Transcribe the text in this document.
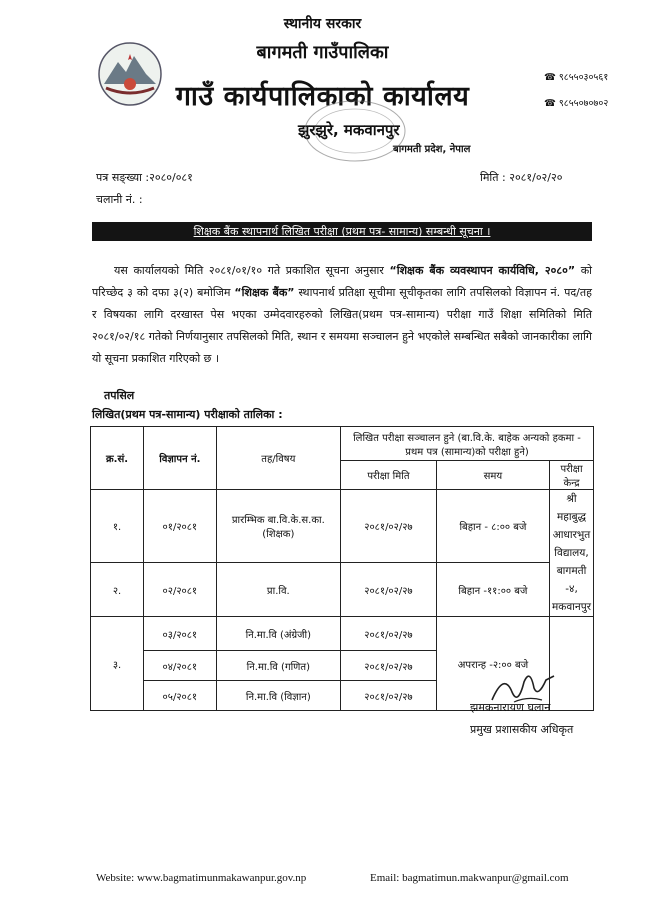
स्थानीय सरकार
बागमती गाउँपालिका
गाउँ कार्यपालिकाको कार्यालय
झुरझुरे, मकवानपुर
बागमती प्रदेश, नेपाल
☎ ९८५५०३०५६१
☎ ९८५५०७०७०२
पत्र सङ्ख्या :२०८०/०८१
चलानी नं. :
मिति : २०८१/०२/२०
शिक्षक बैंक स्थापनार्थ लिखित परीक्षा (प्रथम पत्र- सामान्य) सम्बन्धी सूचना ।
यस कार्यालयको मिति २०८१/०१/१० गते प्रकाशित सूचना अनुसार “शिक्षक बैंक व्यवस्थापन कार्यविधि, २०८०” को परिच्छेद ३ को दफा ३(२) बमोजिम “शिक्षक बैंक” स्थापनार्थ प्रतिक्षा सूचीमा सूचीकृतका लागि तपसिलको विज्ञापन नं. पद/तह र विषयका लागि दरखास्त पेस भएका उम्मेदवारहरुको लिखित(प्रथम पत्र-सामान्य) परीक्षा गाउँ शिक्षा समितिको मिति २०८१/०२/१८ गतेको निर्णयानुसार तपसिलको मिति, स्थान र समयमा सञ्चालन हुने भएकोले सम्बन्धित सबैको जानकारीका लागि यो सूचना प्रकाशित गरिएको छ ।
तपसिल
लिखित(प्रथम पत्र-सामान्य) परीक्षाको तालिका :
क्र.सं.	विज्ञापन नं.	तह/विषय	लिखित परीक्षा सञ्चालन हुने (बा.वि.के. बाहेक अन्यको हकमा - प्रथम पत्र (सामान्य)को परीक्षा हुने)		
			परीक्षा मिति	समय	परीक्षा केन्द्र
१.	०१/२०८१	प्रारम्भिक बा.वि.के.स.का.(शिक्षक)	२०८१/०२/२७	बिहान - ८:०० बजे	श्री महाबुद्ध आधारभुत विद्यालय, बागमती -४, मकवानपुर
२.	०२/२०८१	प्रा.वि.	२०८१/०२/२७	बिहान -११:०० बजे	
३.	०३/२०८१	नि.मा.वि (अंग्रेजी)	२०८१/०२/२७	अपरान्ह -२:०० बजे	
	०४/२०८१	नि.मा.वि (गणित)	२०८१/०२/२७		
	०५/२०८१	नि.मा.वि (विज्ञान)	२०८१/०२/२७		
झमकनारायण घलान
प्रमुख प्रशासकीय अधिकृत
Website: www.bagmatimunmakawanpur.gov.np	Email: bagmatimun.makwanpur@gmail.com
